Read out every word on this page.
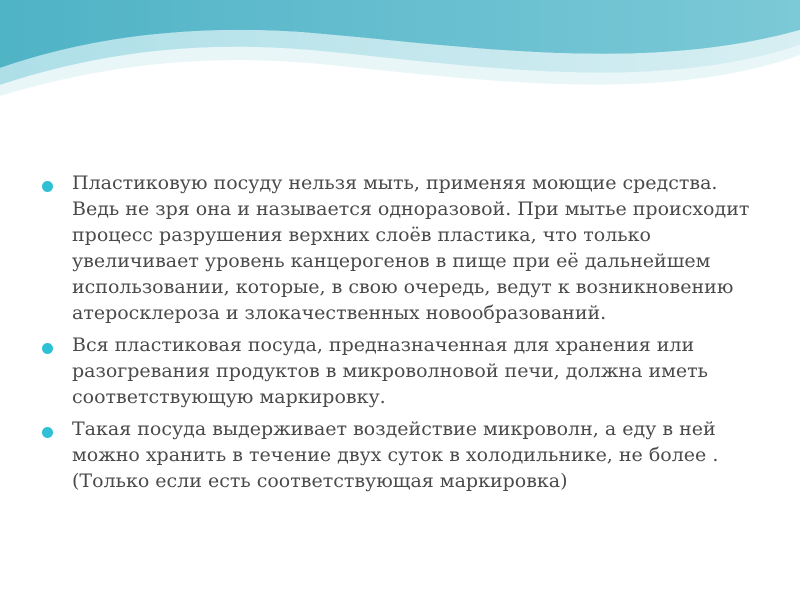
Пластиковую посуду нельзя мыть, применяя моющие средства. Ведь не зря она и называется одноразовой. При мытье происходит процесс разрушения верхних слоёв пластика, что только увеличивает уровень канцерогенов в пище при её дальнейшем использовании, которые, в свою очередь, ведут к возникновению атеросклероза и злокачественных новообразований.
Вся пластиковая посуда, предназначенная для хранения или разогревания продуктов в микроволновой печи, должна иметь соответствующую маркировку.
Такая посуда выдерживает воздействие микроволн, а еду в ней можно хранить в течение двух суток в холодильнике, не более .(Только если есть соответствующая маркировка)
